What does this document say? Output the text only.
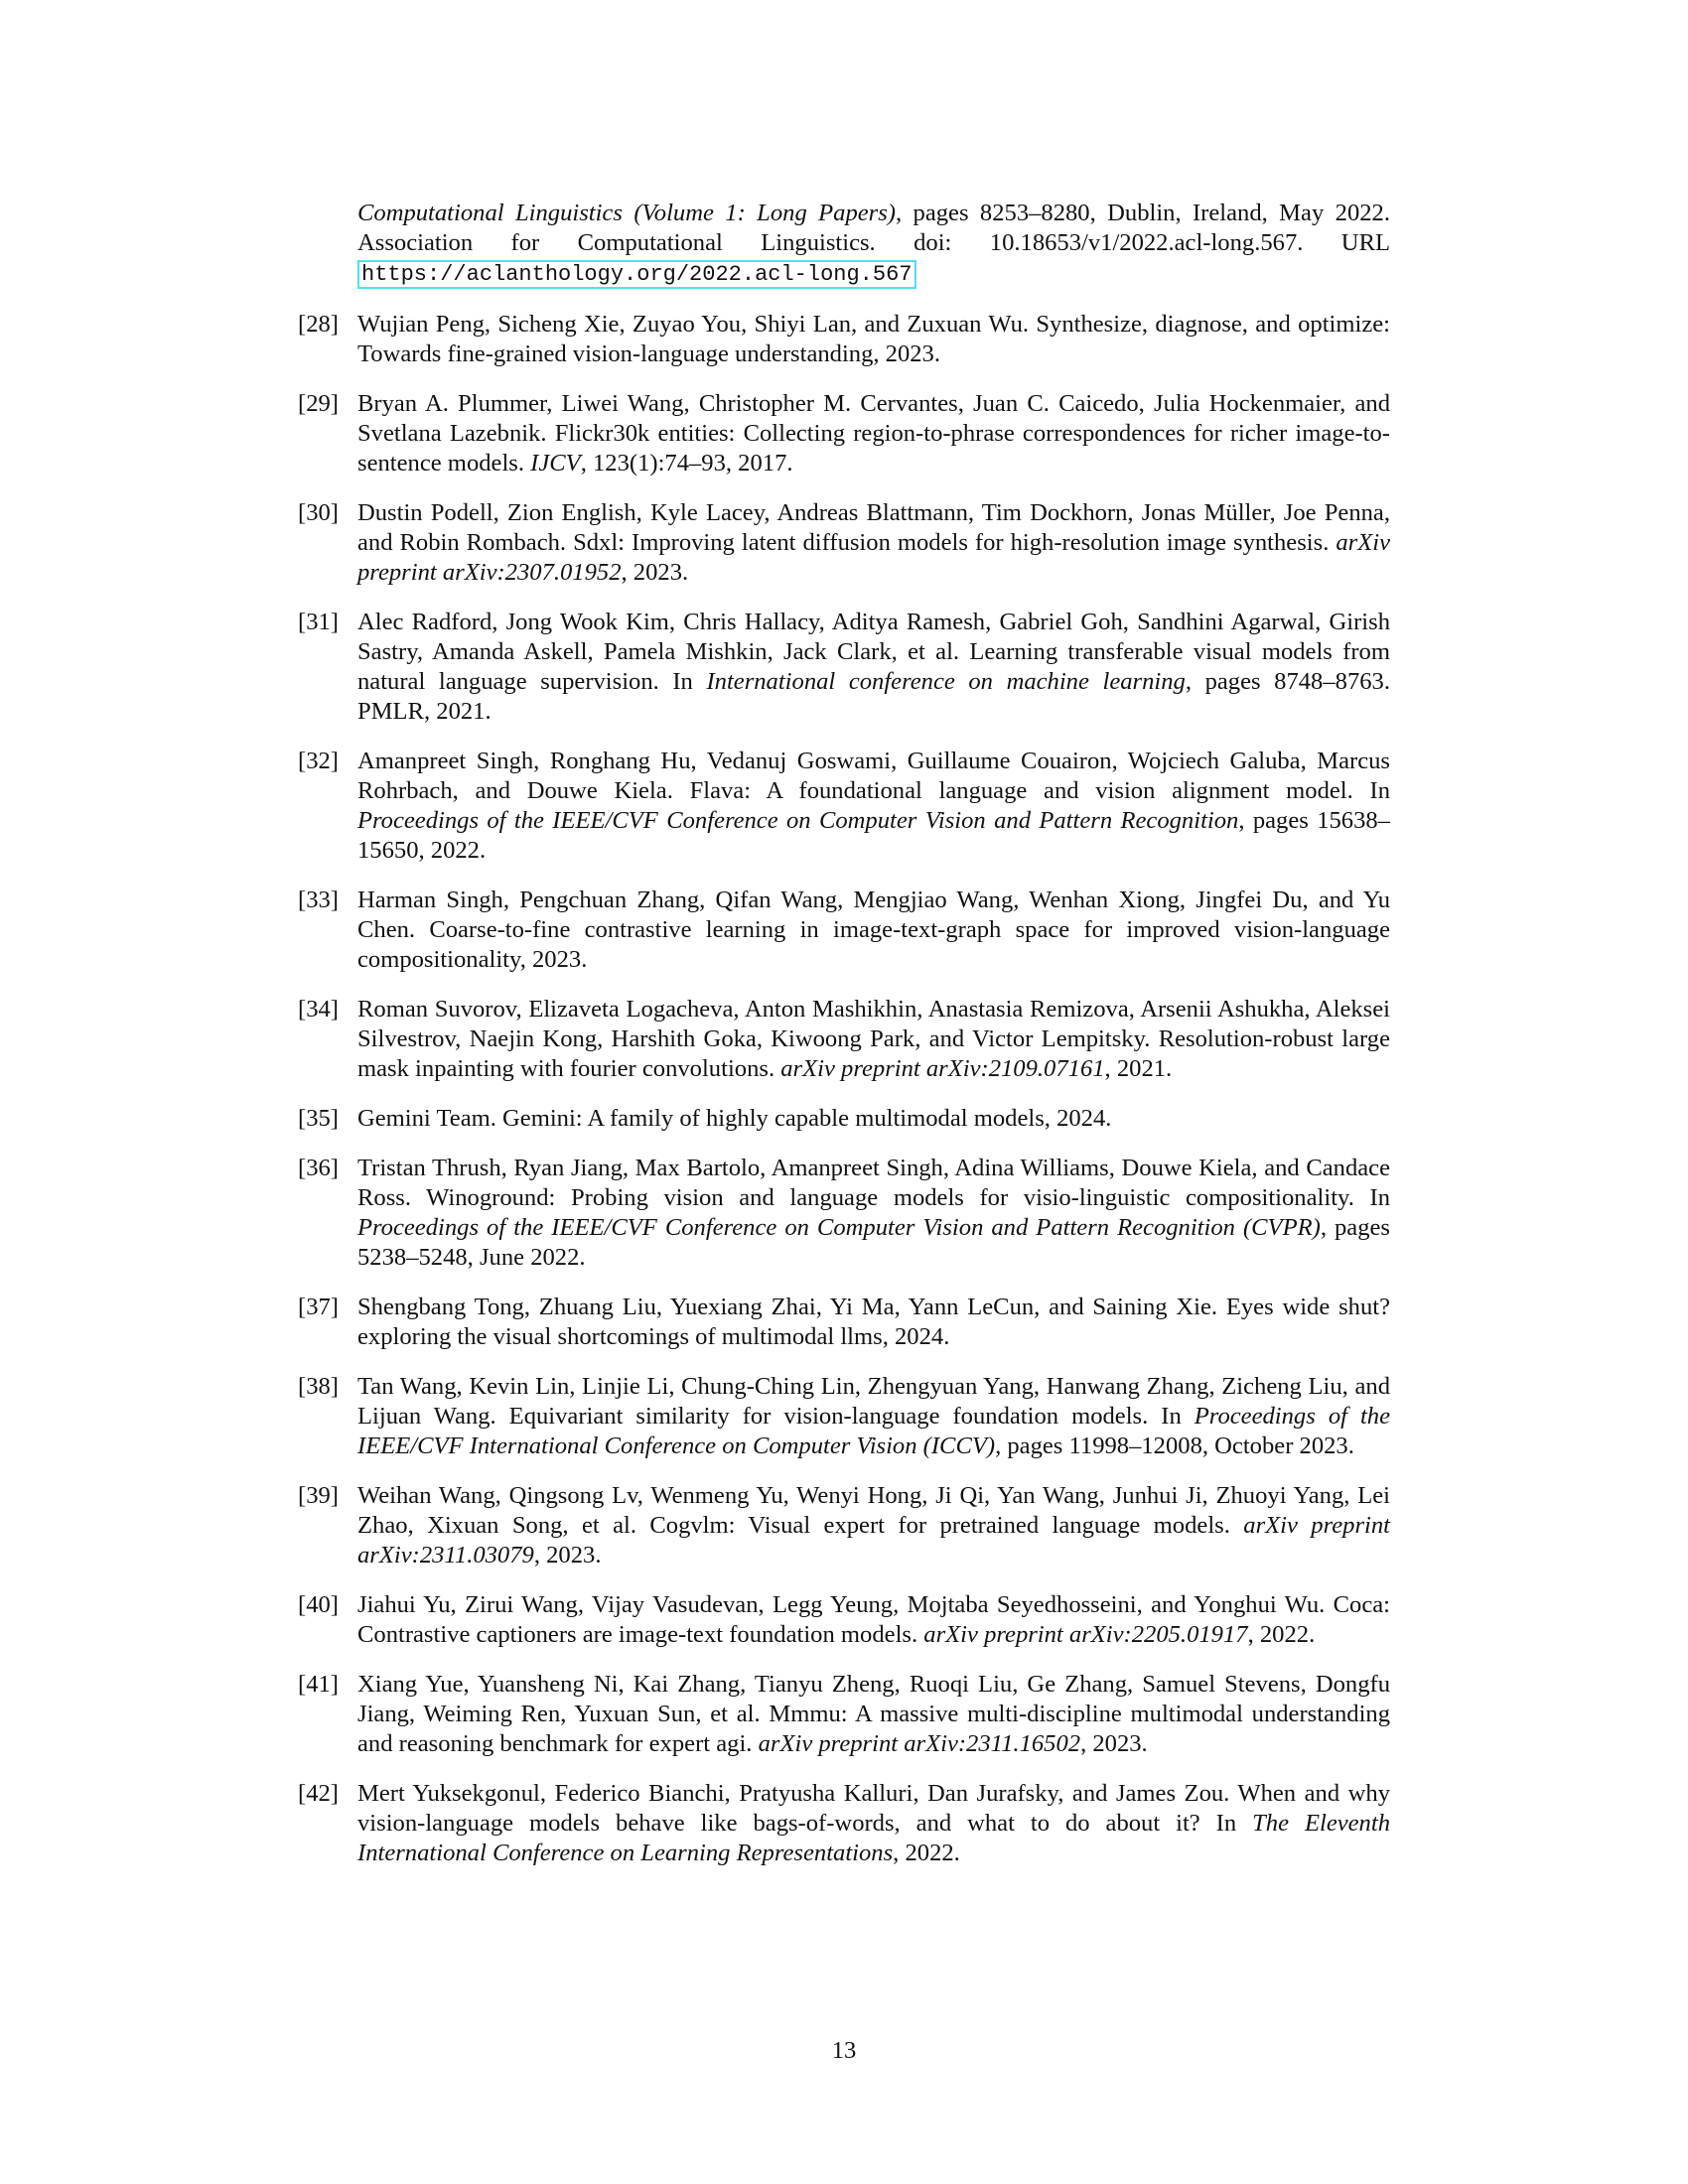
Computational Linguistics (Volume 1: Long Papers), pages 8253–8280, Dublin, Ireland, May 2022. Association for Computational Linguistics. doi: 10.18653/v1/2022.acl-long.567. URL https://aclanthology.org/2022.acl-long.567
[28] Wujian Peng, Sicheng Xie, Zuyao You, Shiyi Lan, and Zuxuan Wu. Synthesize, diagnose, and optimize: Towards fine-grained vision-language understanding, 2023.
[29] Bryan A. Plummer, Liwei Wang, Christopher M. Cervantes, Juan C. Caicedo, Julia Hockenmaier, and Svetlana Lazebnik. Flickr30k entities: Collecting region-to-phrase correspondences for richer image-to-sentence models. IJCV, 123(1):74–93, 2017.
[30] Dustin Podell, Zion English, Kyle Lacey, Andreas Blattmann, Tim Dockhorn, Jonas Müller, Joe Penna, and Robin Rombach. Sdxl: Improving latent diffusion models for high-resolution image synthesis. arXiv preprint arXiv:2307.01952, 2023.
[31] Alec Radford, Jong Wook Kim, Chris Hallacy, Aditya Ramesh, Gabriel Goh, Sandhini Agarwal, Girish Sastry, Amanda Askell, Pamela Mishkin, Jack Clark, et al. Learning transferable visual models from natural language supervision. In International conference on machine learning, pages 8748–8763. PMLR, 2021.
[32] Amanpreet Singh, Ronghang Hu, Vedanuj Goswami, Guillaume Couairon, Wojciech Galuba, Marcus Rohrbach, and Douwe Kiela. Flava: A foundational language and vision alignment model. In Proceedings of the IEEE/CVF Conference on Computer Vision and Pattern Recognition, pages 15638–15650, 2022.
[33] Harman Singh, Pengchuan Zhang, Qifan Wang, Mengjiao Wang, Wenhan Xiong, Jingfei Du, and Yu Chen. Coarse-to-fine contrastive learning in image-text-graph space for improved vision-language compositionality, 2023.
[34] Roman Suvorov, Elizaveta Logacheva, Anton Mashikhin, Anastasia Remizova, Arsenii Ashukha, Aleksei Silvestrov, Naejin Kong, Harshith Goka, Kiwoong Park, and Victor Lempitsky. Resolution-robust large mask inpainting with fourier convolutions. arXiv preprint arXiv:2109.07161, 2021.
[35] Gemini Team. Gemini: A family of highly capable multimodal models, 2024.
[36] Tristan Thrush, Ryan Jiang, Max Bartolo, Amanpreet Singh, Adina Williams, Douwe Kiela, and Candace Ross. Winoground: Probing vision and language models for visio-linguistic compositionality. In Proceedings of the IEEE/CVF Conference on Computer Vision and Pattern Recognition (CVPR), pages 5238–5248, June 2022.
[37] Shengbang Tong, Zhuang Liu, Yuexiang Zhai, Yi Ma, Yann LeCun, and Saining Xie. Eyes wide shut? exploring the visual shortcomings of multimodal llms, 2024.
[38] Tan Wang, Kevin Lin, Linjie Li, Chung-Ching Lin, Zhengyuan Yang, Hanwang Zhang, Zicheng Liu, and Lijuan Wang. Equivariant similarity for vision-language foundation models. In Proceedings of the IEEE/CVF International Conference on Computer Vision (ICCV), pages 11998–12008, October 2023.
[39] Weihan Wang, Qingsong Lv, Wenmeng Yu, Wenyi Hong, Ji Qi, Yan Wang, Junhui Ji, Zhuoyi Yang, Lei Zhao, Xixuan Song, et al. Cogvlm: Visual expert for pretrained language models. arXiv preprint arXiv:2311.03079, 2023.
[40] Jiahui Yu, Zirui Wang, Vijay Vasudevan, Legg Yeung, Mojtaba Seyedhosseini, and Yonghui Wu. Coca: Contrastive captioners are image-text foundation models. arXiv preprint arXiv:2205.01917, 2022.
[41] Xiang Yue, Yuansheng Ni, Kai Zhang, Tianyu Zheng, Ruoqi Liu, Ge Zhang, Samuel Stevens, Dongfu Jiang, Weiming Ren, Yuxuan Sun, et al. Mmmu: A massive multi-discipline multimodal understanding and reasoning benchmark for expert agi. arXiv preprint arXiv:2311.16502, 2023.
[42] Mert Yuksekgonul, Federico Bianchi, Pratyusha Kalluri, Dan Jurafsky, and James Zou. When and why vision-language models behave like bags-of-words, and what to do about it? In The Eleventh International Conference on Learning Representations, 2022.
13
